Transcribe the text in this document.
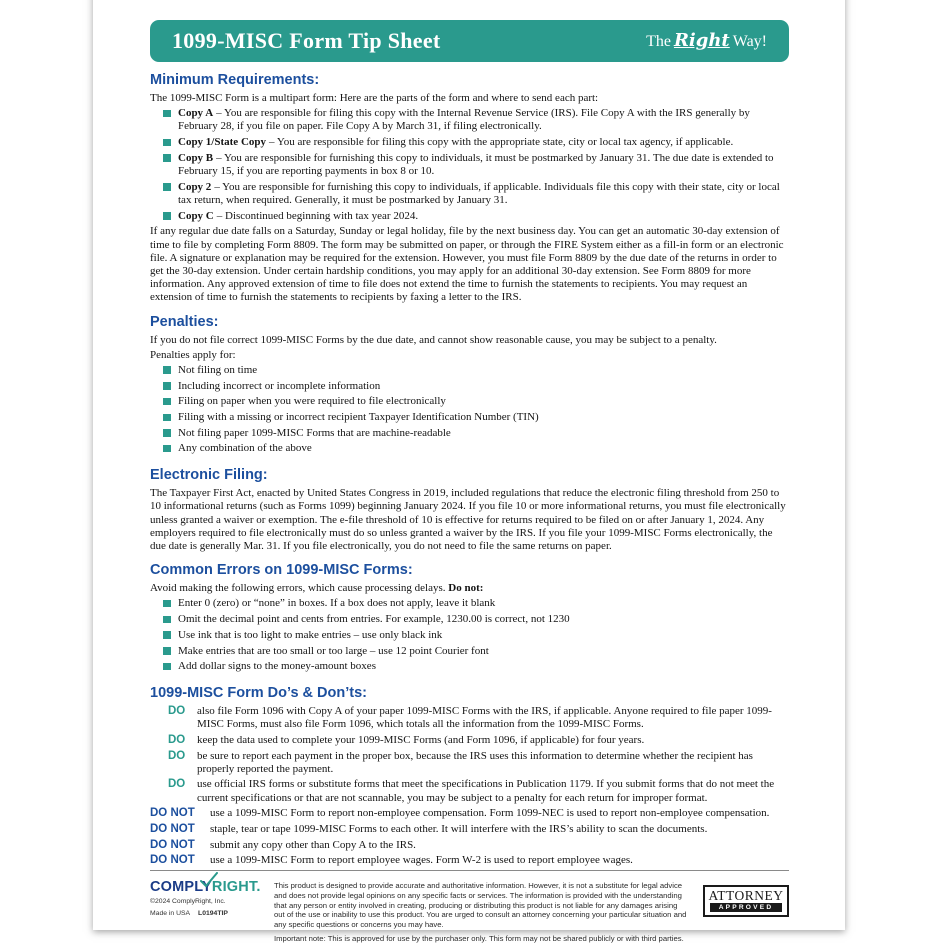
1099-MISC Form Tip Sheet	The Right Way!
Minimum Requirements:
The 1099-MISC Form is a multipart form: Here are the parts of the form and where to send each part:
Copy A – You are responsible for filing this copy with the Internal Revenue Service (IRS). File Copy A with the IRS generally by February 28, if you file on paper. File Copy A by March 31, if filing electronically.
Copy 1/State Copy – You are responsible for filing this copy with the appropriate state, city or local tax agency, if applicable.
Copy B – You are responsible for furnishing this copy to individuals, it must be postmarked by January 31. The due date is extended to February 15, if you are reporting payments in box 8 or 10.
Copy 2 – You are responsible for furnishing this copy to individuals, if applicable. Individuals file this copy with their state, city or local tax return, when required. Generally, it must be postmarked by January 31.
Copy C – Discontinued beginning with tax year 2024.
If any regular due date falls on a Saturday, Sunday or legal holiday, file by the next business day. You can get an automatic 30-day extension of time to file by completing Form 8809. The form may be submitted on paper, or through the FIRE System either as a fill-in form or an electronic file. A signature or explanation may be required for the extension. However, you must file Form 8809 by the due date of the returns in order to get the 30-day extension. Under certain hardship conditions, you may apply for an additional 30-day extension. See Form 8809 for more information. Any approved extension of time to file does not extend the time to furnish the statements to recipients. You may request an extension of time to furnish the statements to recipients by faxing a letter to the IRS.
Penalties:
If you do not file correct 1099-MISC Forms by the due date, and cannot show reasonable cause, you may be subject to a penalty.
Penalties apply for:
Not filing on time
Including incorrect or incomplete information
Filing on paper when you were required to file electronically
Filing with a missing or incorrect recipient Taxpayer Identification Number (TIN)
Not filing paper 1099-MISC Forms that are machine-readable
Any combination of the above
Electronic Filing:
The Taxpayer First Act, enacted by United States Congress in 2019, included regulations that reduce the electronic filing threshold from 250 to 10 informational returns (such as Forms 1099) beginning January 2024. If you file 10 or more informational returns, you must file electronically unless granted a waiver or exemption. The e-file threshold of 10 is effective for returns required to be filed on or after January 1, 2024. Any employers required to file electronically must do so unless granted a waiver by the IRS. If you file your 1099-MISC Forms electronically, the due date is generally Mar. 31. If you file electronically, you do not need to file the same returns on paper.
Common Errors on 1099-MISC Forms:
Avoid making the following errors, which cause processing delays. Do not:
Enter 0 (zero) or “none” in boxes. If a box does not apply, leave it blank
Omit the decimal point and cents from entries. For example, 1230.00 is correct, not 1230
Use ink that is too light to make entries – use only black ink
Make entries that are too small or too large – use 12 point Courier font
Add dollar signs to the money-amount boxes
1099-MISC Form Do’s & Don’ts:
DO also file Form 1096 with Copy A of your paper 1099-MISC Forms with the IRS, if applicable. Anyone required to file paper 1099-MISC Forms, must also file Form 1096, which totals all the information from the 1099-MISC Forms.
DO keep the data used to complete your 1099-MISC Forms (and Form 1096, if applicable) for four years.
DO be sure to report each payment in the proper box, because the IRS uses this information to determine whether the recipient has properly reported the payment.
DO use official IRS forms or substitute forms that meet the specifications in Publication 1179. If you submit forms that do not meet the current specifications or that are not scannable, you may be subject to a penalty for each return for improper format.
DO NOT use a 1099-MISC Form to report non-employee compensation. Form 1099-NEC is used to report non-employee compensation.
DO NOT staple, tear or tape 1099-MISC Forms to each other. It will interfere with the IRS’s ability to scan the documents.
DO NOT submit any copy other than Copy A to the IRS.
DO NOT use a 1099-MISC Form to report employee wages. Form W-2 is used to report employee wages.
COMPLYRIGHT.
©2024 ComplyRight, Inc.
Made in USA L0194TIP
This product is designed to provide accurate and authoritative information. However, it is not a substitute for legal advice and does not provide legal opinions on any specific facts or services. The information is provided with the understanding that any person or entity involved in creating, producing or distributing this product is not liable for any damages arising out of the use or inability to use this product. You are urged to consult an attorney concerning your particular situation and any specific questions or concerns you may have.
Important note: This is approved for use by the purchaser only. This form may not be shared publicly or with third parties.
ATTORNEY
APPROVED
